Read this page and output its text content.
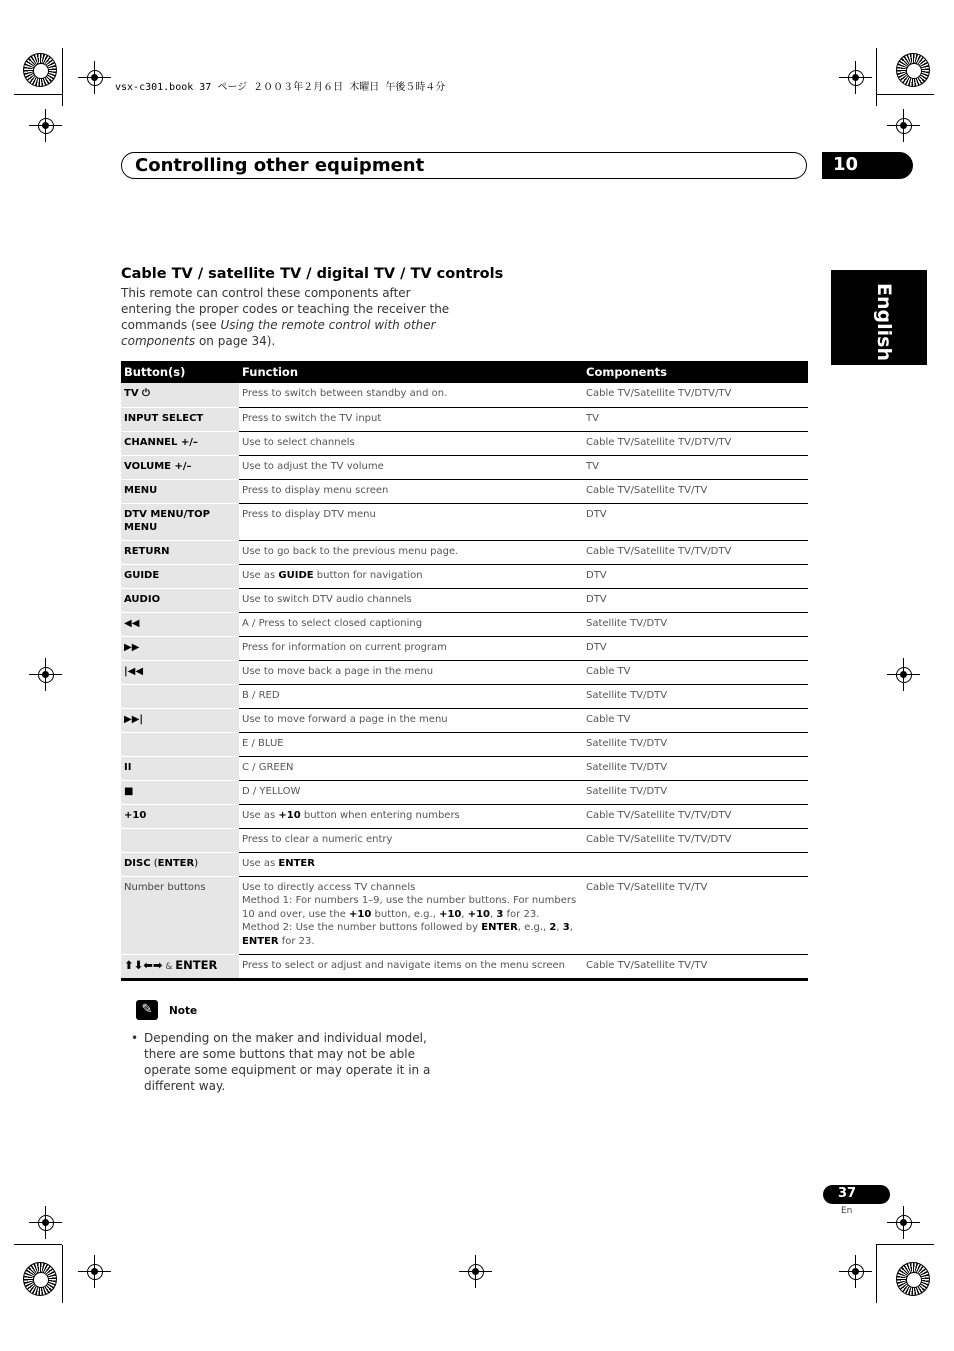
vsx-c301.book 37 ページ ２００３年２月６日 木曜日 午後５時４分
Controlling other equipment	10
English
Cable TV / satellite TV / digital TV / TV controls
This remote can control these components after entering the proper codes or teaching the receiver the commands (see Using the remote control with other components on page 34).
Button(s)	Function	Components
TV ⏻	Press to switch between standby and on.	Cable TV/Satellite TV/DTV/TV
INPUT SELECT	Press to switch the TV input	TV
CHANNEL +/–	Use to select channels	Cable TV/Satellite TV/DTV/TV
VOLUME +/–	Use to adjust the TV volume	TV
MENU	Press to display menu screen	Cable TV/Satellite TV/TV
DTV MENU/TOP MENU	Press to display DTV menu	DTV
RETURN	Use to go back to the previous menu page.	Cable TV/Satellite TV/TV/DTV
GUIDE	Use as GUIDE button for navigation	DTV
AUDIO	Use to switch DTV audio channels	DTV
◀◀	A / Press to select closed captioning	Satellite TV/DTV
▶▶	Press for information on current program	DTV
|◀◀	Use to move back a page in the menu	Cable TV
	B / RED	Satellite TV/DTV
▶▶|	Use to move forward a page in the menu	Cable TV
	E / BLUE	Satellite TV/DTV
II	C / GREEN	Satellite TV/DTV
■	D / YELLOW	Satellite TV/DTV
+10	Use as +10 button when entering numbers	Cable TV/Satellite TV/TV/DTV
	Press to clear a numeric entry	Cable TV/Satellite TV/TV/DTV
DISC (ENTER)	Use as ENTER	
Number buttons	Use to directly access TV channels
Method 1: For numbers 1–9, use the number buttons. For numbers 10 and over, use the +10 button, e.g., +10, +10, 3 for 23.
Method 2: Use the number buttons followed by ENTER, e.g., 2, 3, ENTER for 23.	Cable TV/Satellite TV/TV
⬆⬇⬅➡ & ENTER	Press to select or adjust and navigate items on the menu screen	Cable TV/Satellite TV/TV
✎	Note
• Depending on the maker and individual model, there are some buttons that may not be able operate some equipment or may operate it in a different way.
37
En
